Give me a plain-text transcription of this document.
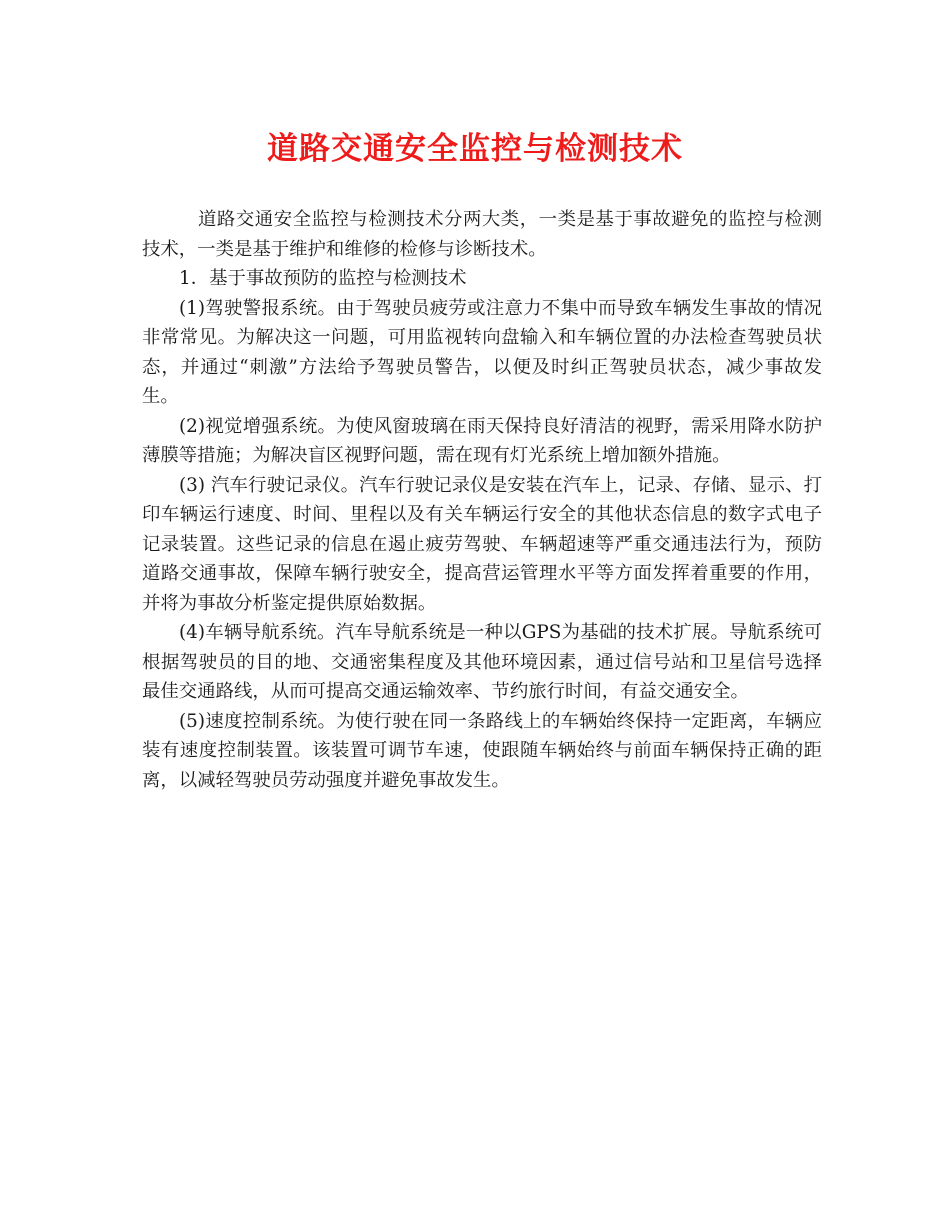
道路交通安全监控与检测技术

道路交通安全监控与检测技术分两大类，一类是基于事故避免的监控与检测技术，一类是基于维护和维修的检修与诊断技术。

1．基于事故预防的监控与检测技术

(1)驾驶警报系统。由于驾驶员疲劳或注意力不集中而导致车辆发生事故的情况非常常见。为解决这一问题，可用监视转向盘输入和车辆位置的办法检查驾驶员状态，并通过“刺激”方法给予驾驶员警告，以便及时纠正驾驶员状态，减少事故发生。

(2)视觉增强系统。为使风窗玻璃在雨天保持良好清洁的视野，需采用降水防护薄膜等措施；为解决盲区视野问题，需在现有灯光系统上增加额外措施。

(3) 汽车行驶记录仪。汽车行驶记录仪是安装在汽车上，记录、存储、显示、打印车辆运行速度、时间、里程以及有关车辆运行安全的其他状态信息的数字式电子记录装置。这些记录的信息在遏止疲劳驾驶、车辆超速等严重交通违法行为，预防道路交通事故，保障车辆行驶安全，提高营运管理水平等方面发挥着重要的作用，并将为事故分析鉴定提供原始数据。

(4)车辆导航系统。汽车导航系统是一种以GPS为基础的技术扩展。导航系统可根据驾驶员的目的地、交通密集程度及其他环境因素，通过信号站和卫星信号选择最佳交通路线，从而可提高交通运输效率、节约旅行时间，有益交通安全。

(5)速度控制系统。为使行驶在同一条路线上的车辆始终保持一定距离，车辆应装有速度控制装置。该装置可调节车速，使跟随车辆始终与前面车辆保持正确的距离，以减轻驾驶员劳动强度并避免事故发生。
